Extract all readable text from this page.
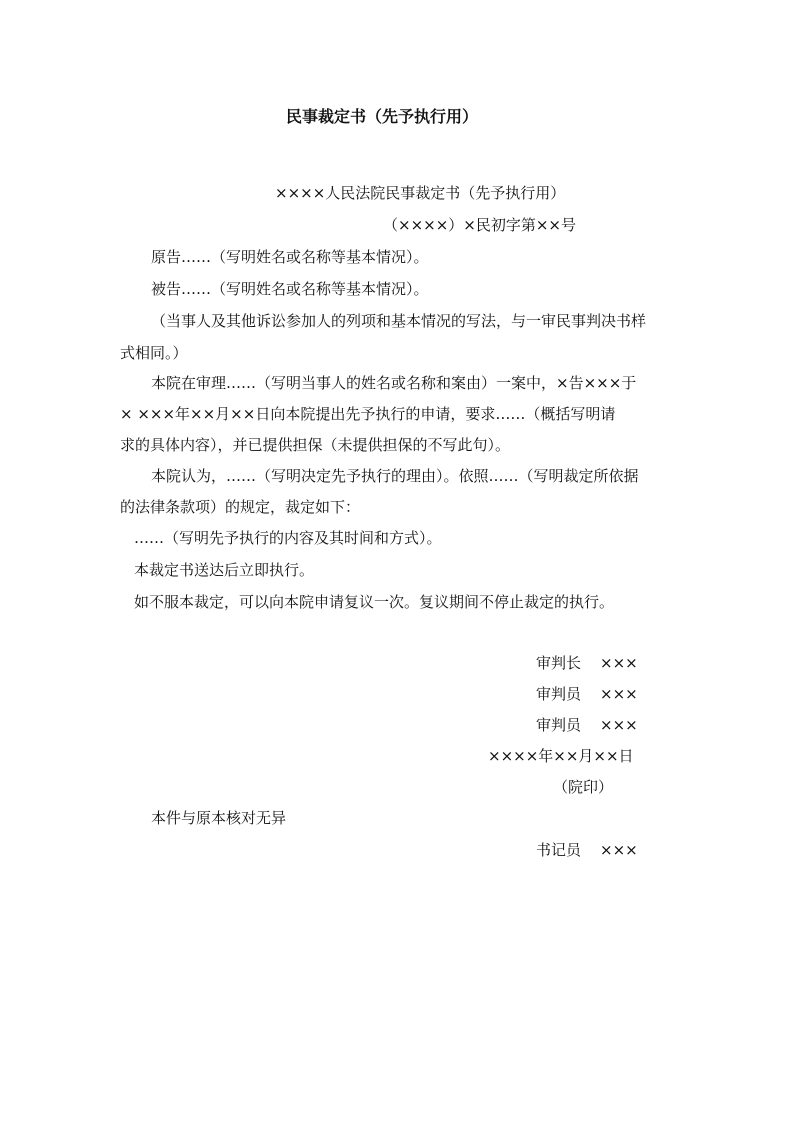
民事裁定书（先予执行用）
××××人民法院民事裁定书（先予执行用）
（××××）×民初字第××号
原告……（写明姓名或名称等基本情况）。
被告……（写明姓名或名称等基本情况）。
（当事人及其他诉讼参加人的列项和基本情况的写法，与一审民事判决书样
式相同。）
本院在审理……（写明当事人的姓名或名称和案由）一案中，×告×××于
× ×××年××月××日向本院提出先予执行的申请，要求……（概括写明请
求的具体内容），并已提供担保（未提供担保的不写此句）。
本院认为，……（写明决定先予执行的理由）。依照……（写明裁定所依据
的法律条款项）的规定，裁定如下：
……（写明先予执行的内容及其时间和方式）。
本裁定书送达后立即执行。
如不服本裁定，可以向本院申请复议一次。复议期间不停止裁定的执行。
审判长 ×××
审判员 ×××
审判员 ×××
××××年××月××日
（院印）
本件与原本核对无异
书记员 ×××
